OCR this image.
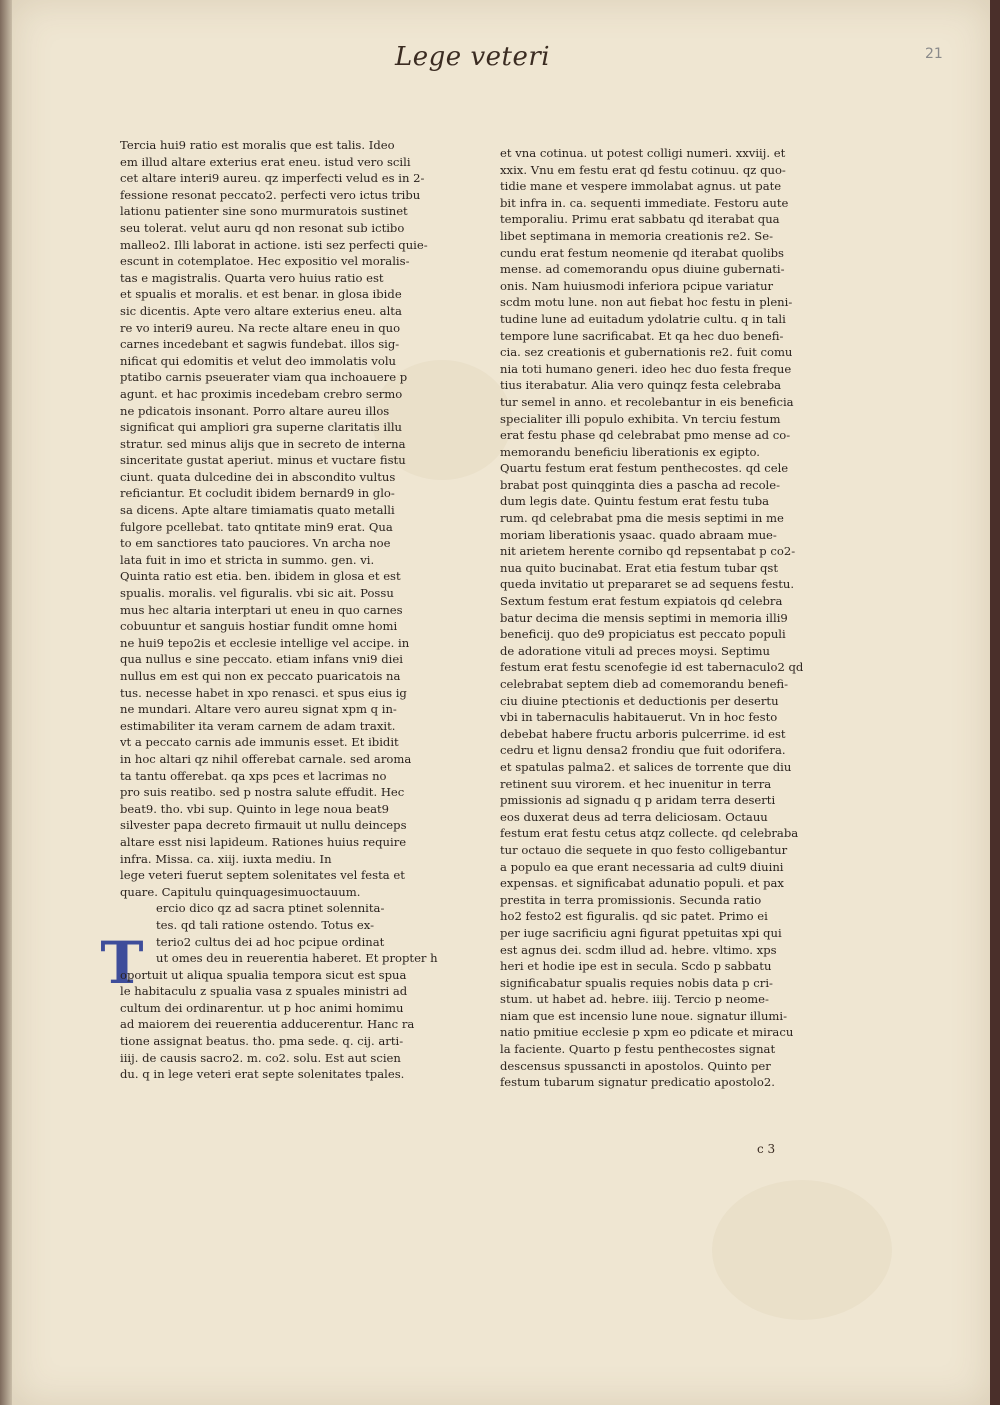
Lege veteri	21
T
Tercia hui9 ratio est moralis que est talis. Ideo
em illud altare exterius erat eneu. istud vero scili
cet altare interi9 aureu. qz imperfecti velud es in 2-
fessione resonat peccato2. perfecti vero ictus tribu
lationu patienter sine sono murmuratois sustinet
seu tolerat. velut auru qd non resonat sub ictibo
malleo2. Illi laborat in actione. isti sez perfecti quie-
escunt in cotemplatoe. Hec expositio vel moralis-
tas e magistralis. Quarta vero huius ratio est
et spualis et moralis. et est benar. in glosa ibide
sic dicentis. Apte vero altare exterius eneu. alta
re vo interi9 aureu. Na recte altare eneu in quo
carnes incedebant et sagwis fundebat. illos sig-
nificat qui edomitis et velut deo immolatis volu
ptatibo carnis pseuerater viam qua inchoauere p
agunt. et hac proximis incedebam crebro sermo
ne pdicatois insonant. Porro altare aureu illos
significat qui ampliori gra superne claritatis illu
stratur. sed minus alijs que in secreto de interna
sinceritate gustat aperiut. minus et vuctare fistu
ciunt. quata dulcedine dei in abscondito vultus
reficiantur. Et cocludit ibidem bernard9 in glo-
sa dicens. Apte altare timiamatis quato metalli
fulgore pcellebat. tato qntitate min9 erat. Qua
to em sanctiores tato pauciores. Vn archa noe
lata fuit in imo et stricta in summo. gen. vi.
Quinta ratio est etia. ben. ibidem in glosa et est
spualis. moralis. vel figuralis. vbi sic ait. Possu
mus hec altaria interptari ut eneu in quo carnes
cobuuntur et sanguis hostiar fundit omne homi
ne hui9 tepo2is et ecclesie intellige vel accipe. in
qua nullus e sine peccato. etiam infans vni9 diei
nullus em est qui non ex peccato puaricatois na
tus. necesse habet in xpo renasci. et spus eius ig
ne mundari. Altare vero aureu signat xpm q in-
estimabiliter ita veram carnem de adam traxit.
vt a peccato carnis ade immunis esset. Et ibidit
in hoc altari qz nihil offerebat carnale. sed aroma
ta tantu offerebat. qa xps pces et lacrimas no
pro suis reatibo. sed p nostra salute effudit. Hec
beat9. tho. vbi sup. Quinto in lege noua beat9
silvester papa decreto firmauit ut nullu deinceps
altare esst nisi lapideum. Rationes huius require
infra. Missa. ca. xiij. iuxta mediu. In
lege veteri fuerut septem solenitates vel festa et
quare. Capitulu quinquagesimuoctauum.
ercio dico qz ad sacra ptinet solennita-
tes. qd tali ratione ostendo. Totus ex-
terio2 cultus dei ad hoc pcipue ordinat
ut omes deu in reuerentia haberet. Et propter h
oportuit ut aliqua spualia tempora sicut est spua
le habitaculu z spualia vasa z spuales ministri ad
cultum dei ordinarentur. ut p hoc animi homimu
ad maiorem dei reuerentia adducerentur. Hanc ra
tione assignat beatus. tho. pma sede. q. cij. arti-
iiij. de causis sacro2. m. co2. solu. Est aut scien
du. q in lege veteri erat septe solenitates tpales.
et vna cotinua. ut potest colligi numeri. xxviij. et
xxix. Vnu em festu erat qd festu cotinuu. qz quo-
tidie mane et vespere immolabat agnus. ut pate
bit infra in. ca. sequenti immediate. Festoru aute
temporaliu. Primu erat sabbatu qd iterabat qua
libet septimana in memoria creationis re2. Se-
cundu erat festum neomenie qd iterabat quolibs
mense. ad comemorandu opus diuine gubernati-
onis. Nam huiusmodi inferiora pcipue variatur
scdm motu lune. non aut fiebat hoc festu in pleni-
tudine lune ad euitadum ydolatrie cultu. q in tali
tempore lune sacrificabat. Et qa hec duo benefi-
cia. sez creationis et gubernationis re2. fuit comu
nia toti humano generi. ideo hec duo festa freque
tius iterabatur. Alia vero quinqz festa celebraba
tur semel in anno. et recolebantur in eis beneficia
specialiter illi populo exhibita. Vn terciu festum
erat festu phase qd celebrabat pmo mense ad co-
memorandu beneficiu liberationis ex egipto.
Quartu festum erat festum penthecostes. qd cele
brabat post quinqginta dies a pascha ad recole-
dum legis date. Quintu festum erat festu tuba
rum. qd celebrabat pma die mesis septimi in me
moriam liberationis ysaac. quado abraam mue-
nit arietem herente cornibo qd repsentabat p co2-
nua quito bucinabat. Erat etia festum tubar qst
queda invitatio ut prepararet se ad sequens festu.
Sextum festum erat festum expiatois qd celebra
batur decima die mensis septimi in memoria illi9
beneficij. quo de9 propiciatus est peccato populi
de adoratione vituli ad preces moysi. Septimu
festum erat festu scenofegie id est tabernaculo2 qd
celebrabat septem dieb ad comemorandu benefi-
ciu diuine ptectionis et deductionis per desertu
vbi in tabernaculis habitauerut. Vn in hoc festo
debebat habere fructu arboris pulcerrime. id est
cedru et lignu densa2 frondiu que fuit odorifera.
et spatulas palma2. et salices de torrente que diu
retinent suu virorem. et hec inuenitur in terra
pmissionis ad signadu q p aridam terra deserti
eos duxerat deus ad terra deliciosam. Octauu
festum erat festu cetus atqz collecte. qd celebraba
tur octauo die sequete in quo festo colligebantur
a populo ea que erant necessaria ad cult9 diuini
expensas. et significabat adunatio populi. et pax
prestita in terra promissionis. Secunda ratio
ho2 festo2 est figuralis. qd sic patet. Primo ei
per iuge sacrificiu agni figurat ppetuitas xpi qui
est agnus dei. scdm illud ad. hebre. vltimo. xps
heri et hodie ipe est in secula. Scdo p sabbatu
significabatur spualis requies nobis data p cri-
stum. ut habet ad. hebre. iiij. Tercio p neome-
niam que est incensio lune noue. signatur illumi-
natio pmitiue ecclesie p xpm eo pdicate et miracu
la faciente. Quarto p festu penthecostes signat
descensus spussancti in apostolos. Quinto per
festum tubarum signatur predicatio apostolo2.
c 3
